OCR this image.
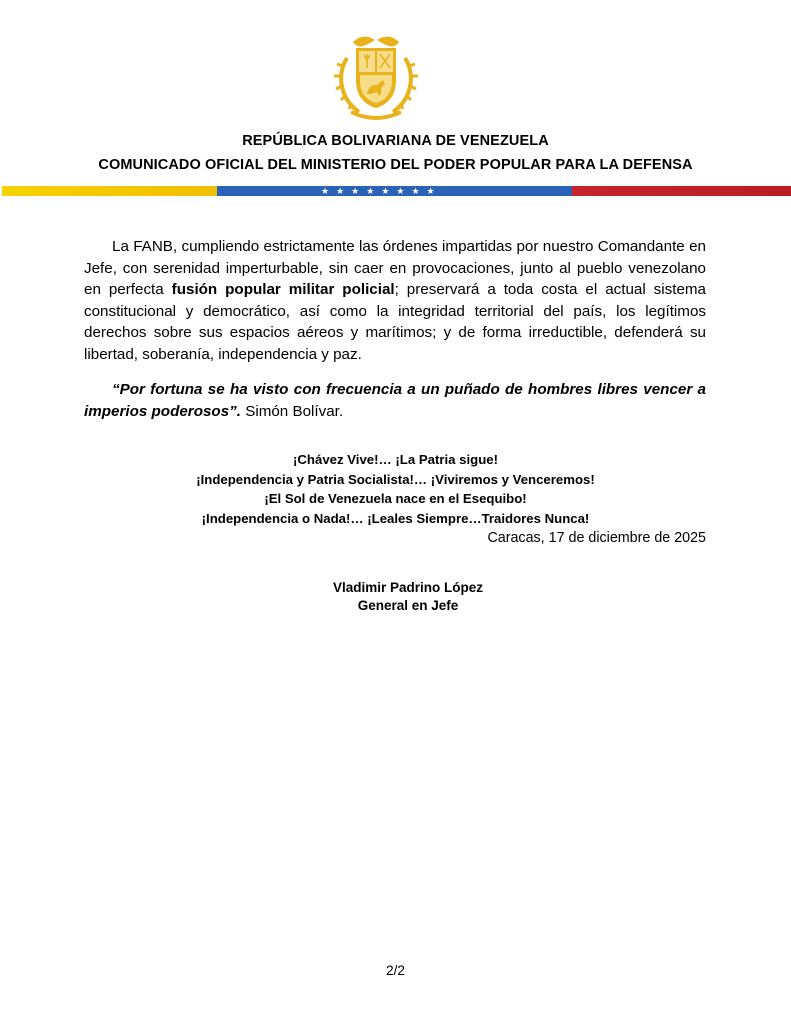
REPÚBLICA BOLIVARIANA DE VENEZUELA
COMUNICADO OFICIAL DEL MINISTERIO DEL PODER POPULAR PARA LA DEFENSA
★ ★ ★ ★ ★ ★ ★ ★

La FANB, cumpliendo estrictamente las órdenes impartidas por nuestro Comandante en Jefe, con serenidad imperturbable, sin caer en provocaciones, junto al pueblo venezolano en perfecta fusión popular militar policial; preservará a toda costa el actual sistema constitucional y democrático, así como la integridad territorial del país, los legítimos derechos sobre sus espacios aéreos y marítimos; y de forma irreductible, defenderá su libertad, soberanía, independencia y paz.

“Por fortuna se ha visto con frecuencia a un puñado de hombres libres vencer a imperios poderosos”. Simón Bolívar.

¡Chávez Vive!… ¡La Patria sigue!
¡Independencia y Patria Socialista!… ¡Viviremos y Venceremos!
¡El Sol de Venezuela nace en el Esequibo!
¡Independencia o Nada!… ¡Leales Siempre…Traidores Nunca!
Caracas, 17 de diciembre de 2025
Vladimir Padrino López
General en Jefe
2/2
